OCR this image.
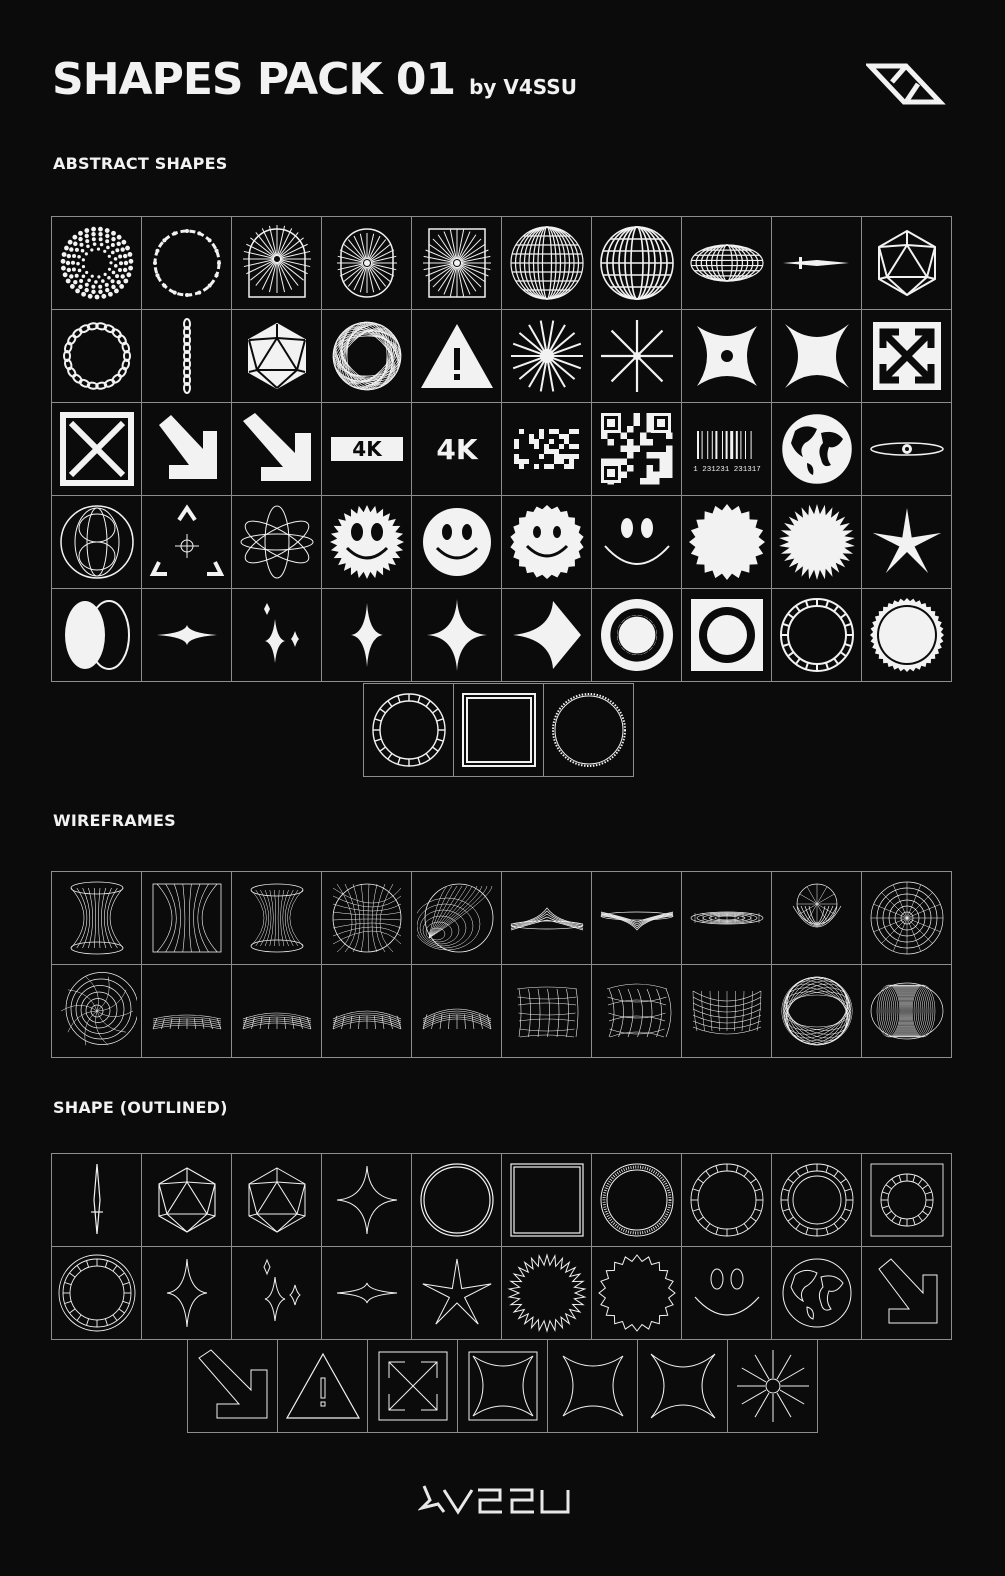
SHAPES PACK 01 by V4SSU
ABSTRACT SHAPES
4K 4K
1 231231 231317
WIREFRAMES
SHAPE (OUTLINED)
